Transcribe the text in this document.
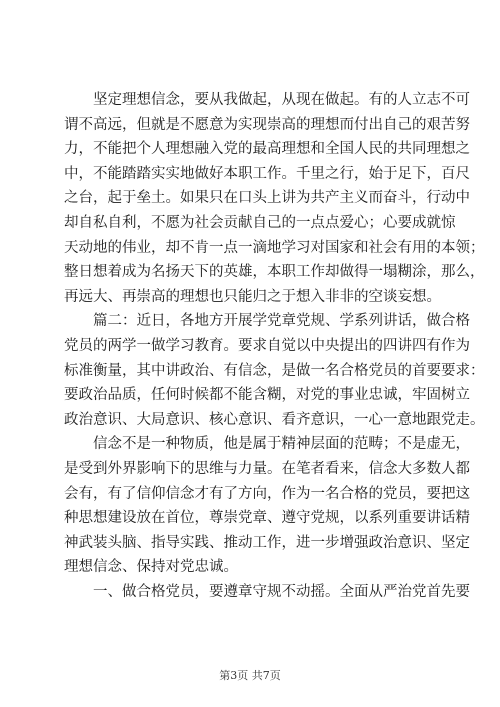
坚定理想信念，要从我做起，从现在做起。有的人立志不可
谓不高远，但就是不愿意为实现崇高的理想而付出自己的艰苦努
力，不能把个人理想融入党的最高理想和全国人民的共同理想之
中，不能踏踏实实地做好本职工作。千里之行，始于足下，百尺
之台，起于垒土。如果只在口头上讲为共产主义而奋斗，行动中
却自私自利，不愿为社会贡献自己的一点点爱心；心要成就惊
天动地的伟业，却不肯一点一滴地学习对国家和社会有用的本领；
整日想着成为名扬天下的英雄，本职工作却做得一塌糊涂，那么，
再远大、再崇高的理想也只能归之于想入非非的空谈妄想。
篇二：近日，各地方开展学党章党规、学系列讲话，做合格
党员的两学一做学习教育。要求自觉以中央提出的四讲四有作为
标准衡量，其中讲政治、有信念，是做一名合格党员的首要要求：
要政治品质，任何时候都不能含糊，对党的事业忠诚，牢固树立
政治意识、大局意识、核心意识、看齐意识，一心一意地跟党走。
信念不是一种物质，他是属于精神层面的范畴；不是虚无，
是受到外界影响下的思维与力量。在笔者看来，信念大多数人都
会有，有了信仰信念才有了方向，作为一名合格的党员，要把这
种思想建设放在首位，尊崇党章、遵守党规，以系列重要讲话精
神武装头脑、指导实践、推动工作，进一步增强政治意识、坚定
理想信念、保持对党忠诚。
一、做合格党员，要遵章守规不动摇。全面从严治党首先要
第3页 共7页
